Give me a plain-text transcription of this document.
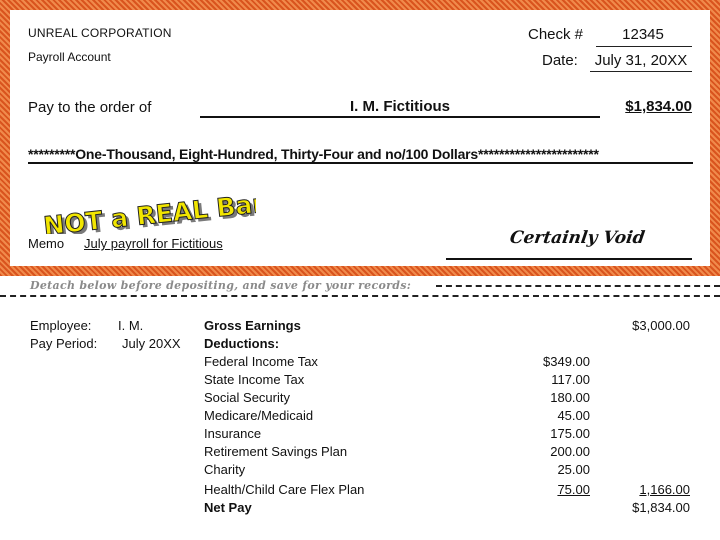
UNREAL CORPORATION
Payroll Account
Check #	12345
Date:	July 31, 20XX
Pay to the order of	I. M. Fictitious	$1,834.00
*********One-Thousand, Eight-Hundred, Thirty-Four and no/100 Dollars***********************
NOT a REAL Bank
NOT a REAL Bank
Memo July payroll for Fictitious	Certainly Void
Detach below before depositing, and save for your records:
Employee: I. M.
Pay Period: July 20XX
Gross Earnings	$3,000.00
Deductions:
Federal Income Tax	$349.00
State Income Tax	117.00
Social Security	180.00
Medicare/Medicaid	45.00
Insurance	175.00
Retirement Savings Plan	200.00
Charity	25.00
Health/Child Care Flex Plan	75.00	1,166.00
Net Pay	$1,834.00
